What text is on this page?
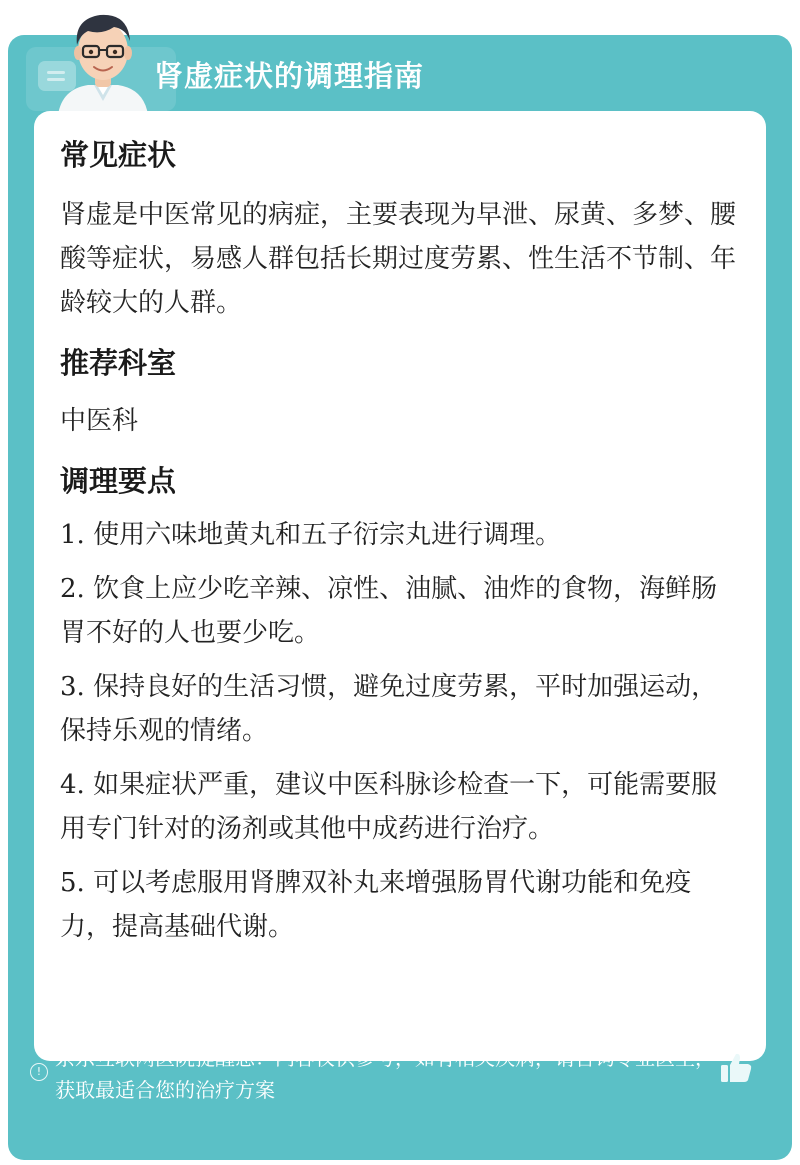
肾虚症状的调理指南
常见症状

肾虚是中医常见的病症，主要表现为早泄、尿黄、多梦、腰酸等症状，易感人群包括长期过度劳累、性生活不节制、年龄较大的人群。

推荐科室

中医科

调理要点

1. 使用六味地黄丸和五子衍宗丸进行调理。

2. 饮食上应少吃辛辣、凉性、油腻、油炸的食物，海鲜肠胃不好的人也要少吃。

3. 保持良好的生活习惯，避免过度劳累，平时加强运动，保持乐观的情绪。

4. 如果症状严重，建议中医科脉诊检查一下，可能需要服用专门针对的汤剂或其他中成药进行治疗。

5. 可以考虑服用肾脾双补丸来增强肠胃代谢功能和免疫力，提高基础代谢。

!

京东互联网医院提醒您：内容仅供参考，如有相关疾病，请咨询专业医生，获取最适合您的治疗方案
